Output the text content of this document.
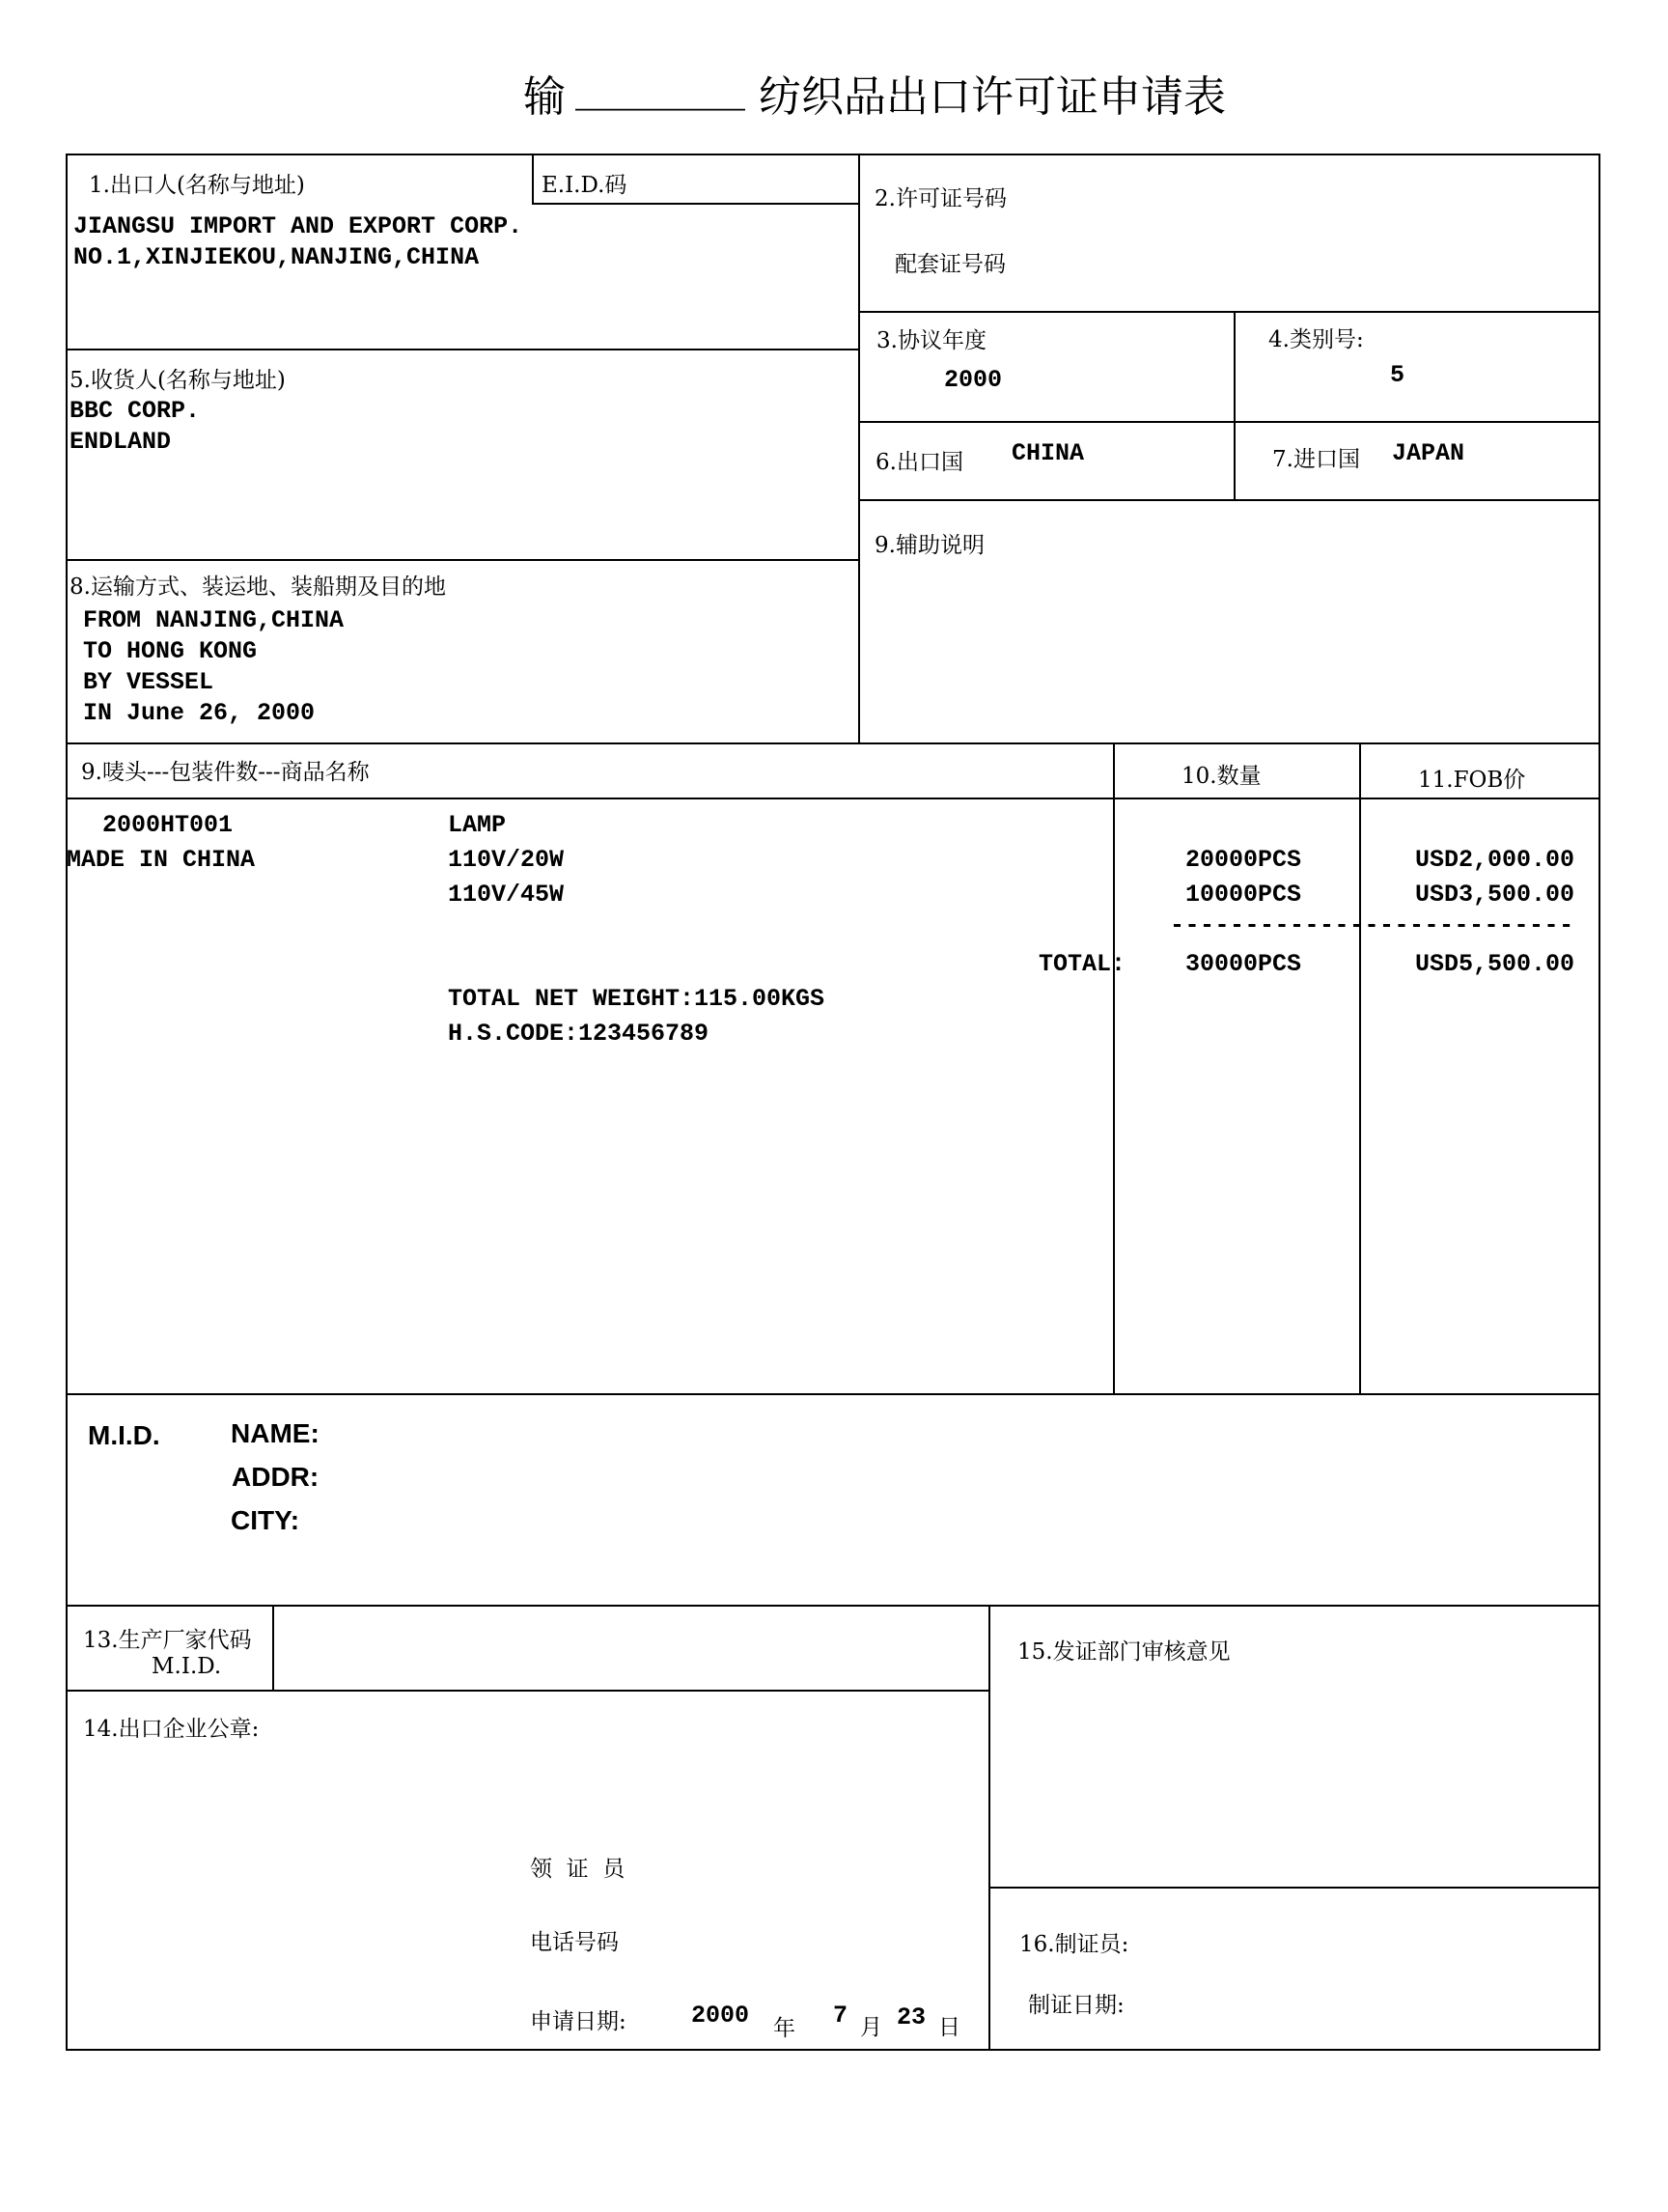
输 ________ 纺织品出口许可证申请表
1.出口人(名称与地址)
JIANGSU IMPORT AND EXPORT CORP.
NO.1,XINJIEKOU,NANJING,CHINA
E.I.D.码
2.许可证号码
配套证号码
3.协议年度
2000
4.类别号:
5
5.收货人(名称与地址)
BBC CORP.
ENDLAND
6.出口国 CHINA	7.进口国 JAPAN
8.运输方式、装运地、装船期及目的地
FROM NANJING,CHINA
TO HONG KONG
BY VESSEL
IN June 26, 2000
9.辅助说明
9.唛头---包装件数---商品名称	10.数量	11.FOB价
2000HT001
MADE IN CHINA
LAMP
110V/20W	20000PCS	USD2,000.00
110V/45W	10000PCS	USD3,500.00
---------------------------
TOTAL: 30000PCS	USD5,500.00
TOTAL NET WEIGHT:115.00KGS
H.S.CODE:123456789
M.I.D.	NAME:
ADDR:
CITY:
13.生产厂家代码
M.I.D.
14.出口企业公章:
领  证  员
电话号码
申请日期:	2000 年 7 月 23 日
15.发证部门审核意见
16.制证员:
制证日期:
